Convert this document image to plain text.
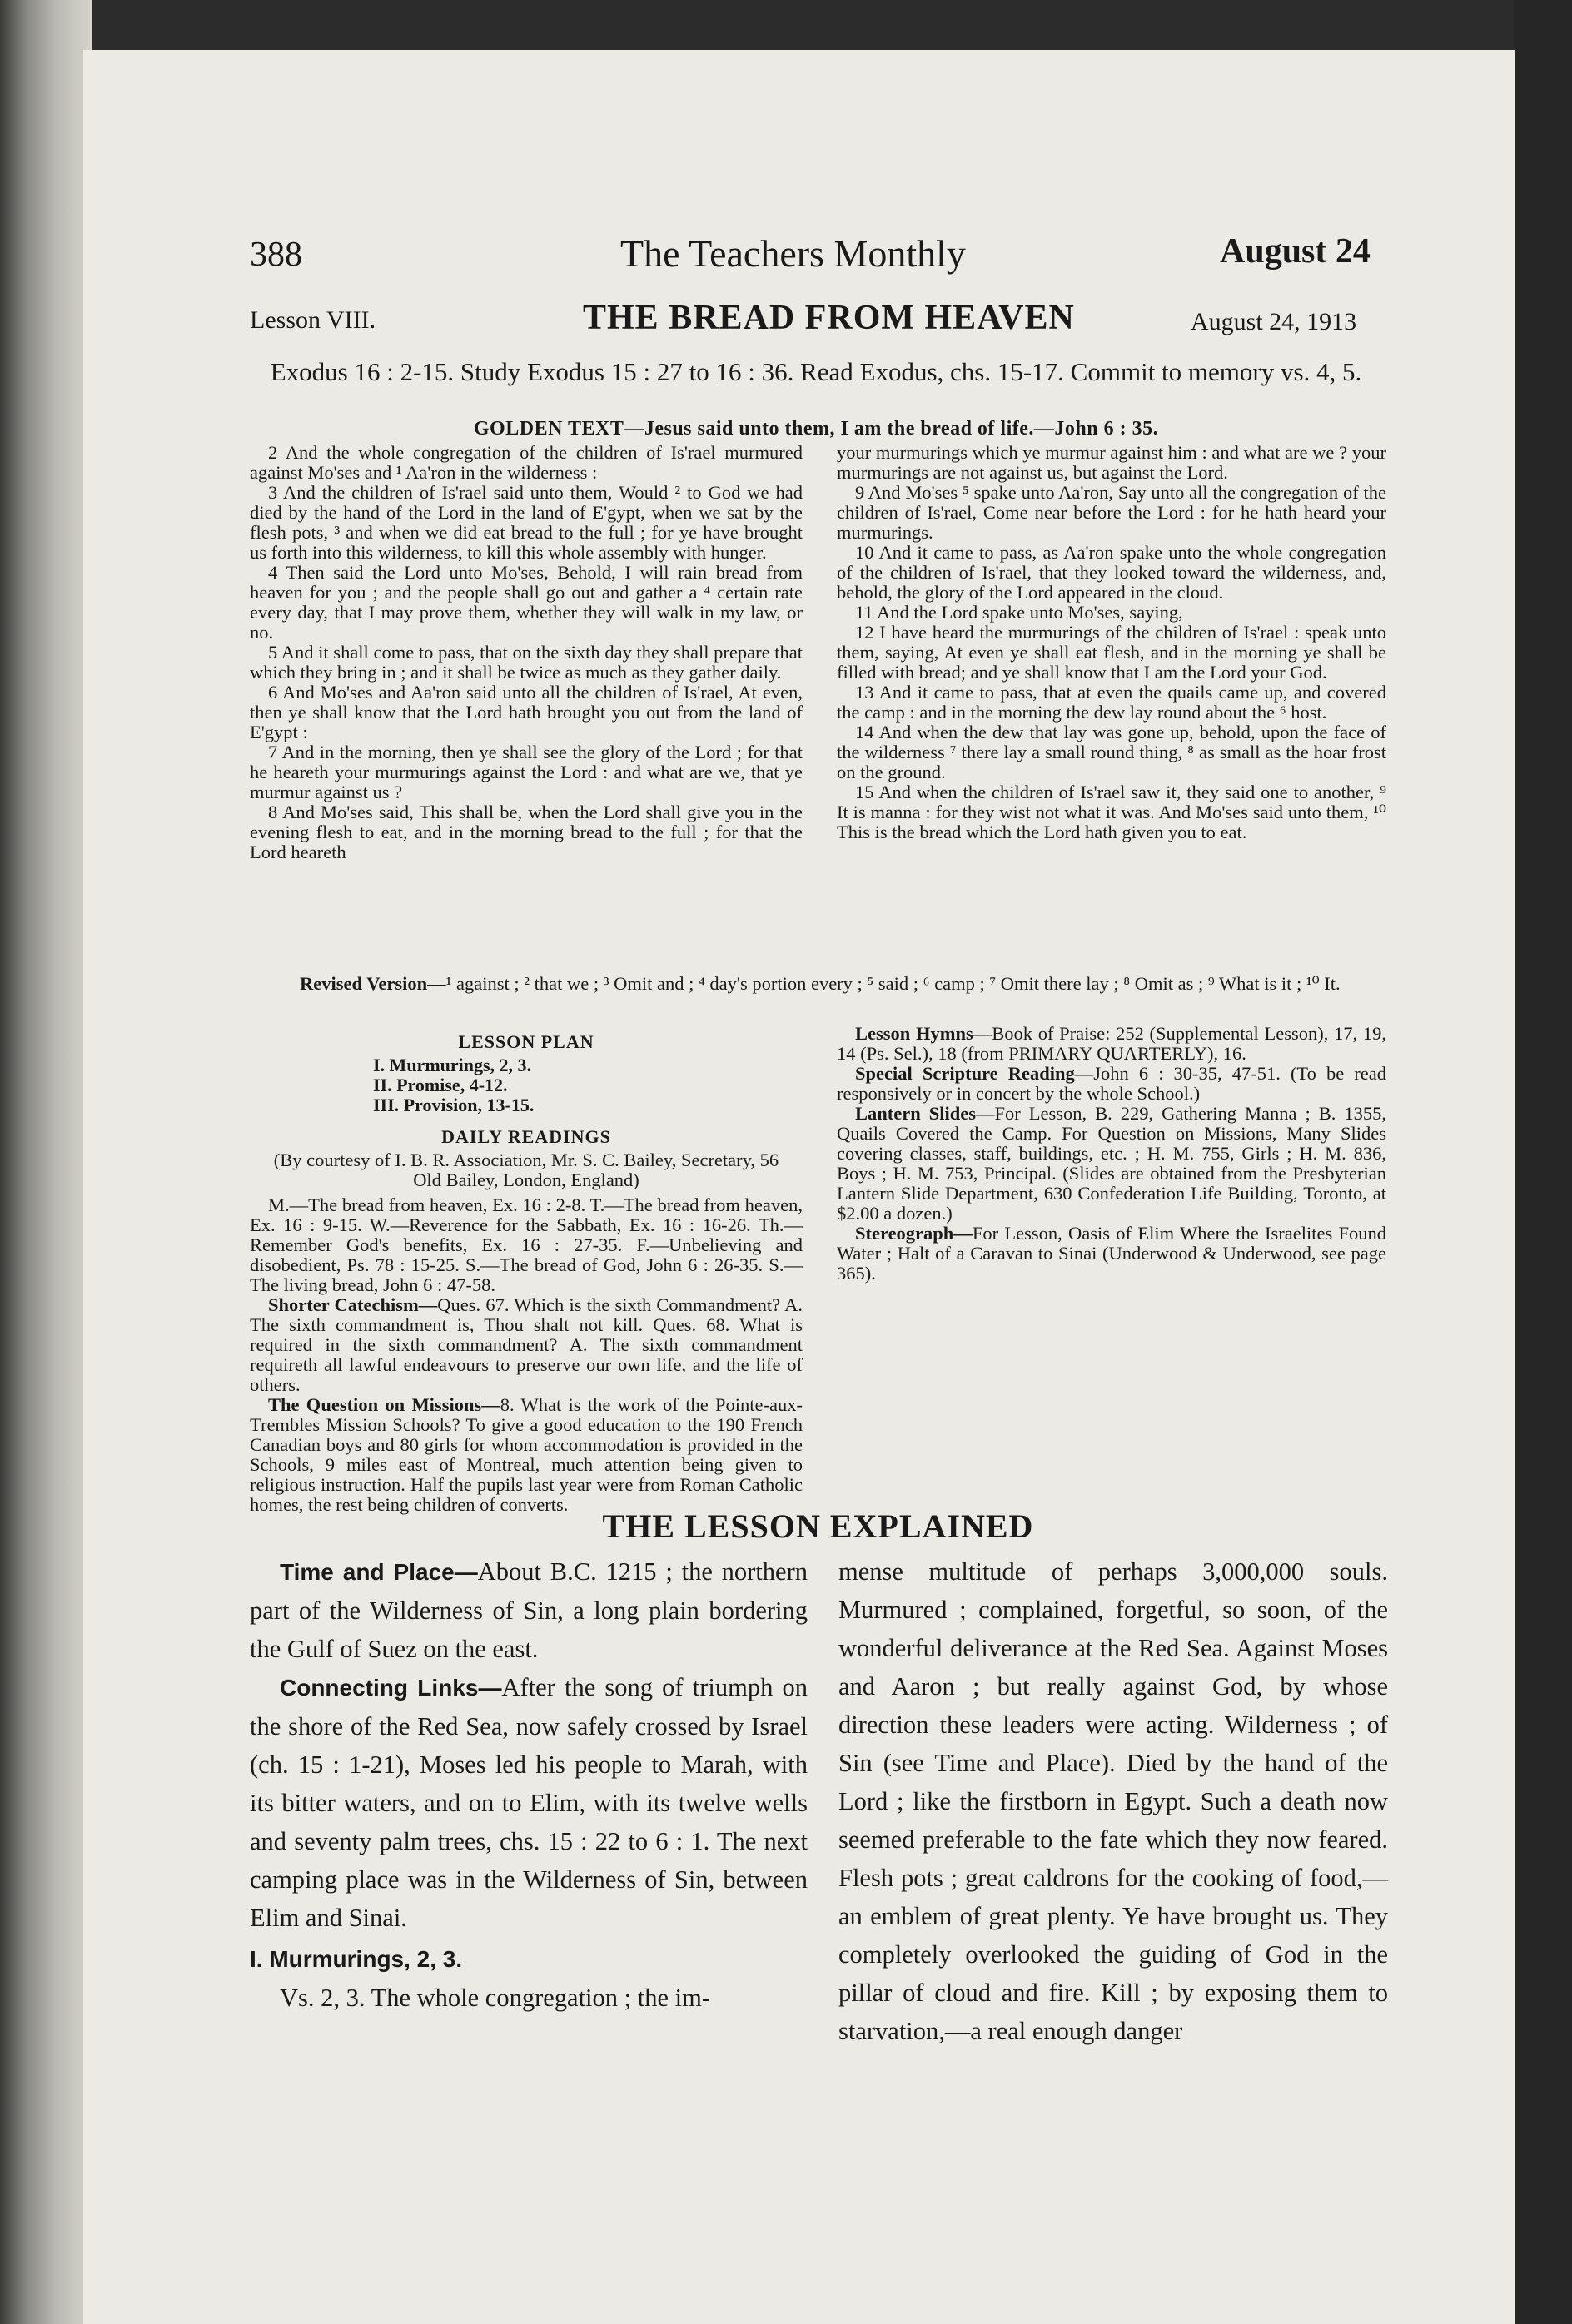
388	The Teachers Monthly	August 24
Lesson VIII.	THE BREAD FROM HEAVEN	August 24, 1913
Exodus 16 : 2-15. Study Exodus 15 : 27 to 16 : 36. Read Exodus, chs. 15-17. Commit to memory vs. 4, 5.
GOLDEN TEXT—Jesus said unto them, I am the bread of life.—John 6 : 35.

2 And the whole congregation of the children of Is'rael murmured against Mo'ses and ¹ Aa'ron in the wilderness :

3 And the children of Is'rael said unto them, Would ² to God we had died by the hand of the Lord in the land of E'gypt, when we sat by the flesh pots, ³ and when we did eat bread to the full ; for ye have brought us forth into this wilderness, to kill this whole assembly with hunger.

4 Then said the Lord unto Mo'ses, Behold, I will rain bread from heaven for you ; and the people shall go out and gather a ⁴ certain rate every day, that I may prove them, whether they will walk in my law, or no.

5 And it shall come to pass, that on the sixth day they shall prepare that which they bring in ; and it shall be twice as much as they gather daily.

6 And Mo'ses and Aa'ron said unto all the children of Is'rael, At even, then ye shall know that the Lord hath brought you out from the land of E'gypt :

7 And in the morning, then ye shall see the glory of the Lord ; for that he heareth your murmurings against the Lord : and what are we, that ye murmur against us ?

8 And Mo'ses said, This shall be, when the Lord shall give you in the evening flesh to eat, and in the morning bread to the full ; for that the Lord heareth

your murmurings which ye murmur against him : and what are we ? your murmurings are not against us, but against the Lord.

9 And Mo'ses ⁵ spake unto Aa'ron, Say unto all the congregation of the children of Is'rael, Come near before the Lord : for he hath heard your murmurings.

10 And it came to pass, as Aa'ron spake unto the whole congregation of the children of Is'rael, that they looked toward the wilderness, and, behold, the glory of the Lord appeared in the cloud.

11 And the Lord spake unto Mo'ses, saying,

12 I have heard the murmurings of the children of Is'rael : speak unto them, saying, At even ye shall eat flesh, and in the morning ye shall be filled with bread; and ye shall know that I am the Lord your God.

13 And it came to pass, that at even the quails came up, and covered the camp : and in the morning the dew lay round about the ⁶ host.

14 And when the dew that lay was gone up, behold, upon the face of the wilderness ⁷ there lay a small round thing, ⁸ as small as the hoar frost on the ground.

15 And when the children of Is'rael saw it, they said one to another, ⁹ It is manna : for they wist not what it was. And Mo'ses said unto them, ¹⁰ This is the bread which the Lord hath given you to eat.

Revised Version—¹ against ; ² that we ; ³ Omit and ; ⁴ day's portion every ; ⁵ said ; ⁶ camp ; ⁷ Omit there lay ; ⁸ Omit as ; ⁹ What is it ; ¹⁰ It.
LESSON PLAN
I. Murmurings, 2, 3.
II. Promise, 4-12.
III. Provision, 13-15.
DAILY READINGS

(By courtesy of I. B. R. Association, Mr. S. C. Bailey, Secretary, 56 Old Bailey, London, England)

M.—The bread from heaven, Ex. 16 : 2-8. T.—The bread from heaven, Ex. 16 : 9-15. W.—Reverence for the Sabbath, Ex. 16 : 16-26. Th.—Remember God's benefits, Ex. 16 : 27-35. F.—Unbelieving and disobedient, Ps. 78 : 15-25. S.—The bread of God, John 6 : 26-35. S.—The living bread, John 6 : 47-58.

Shorter Catechism—Ques. 67. Which is the sixth Commandment? A. The sixth commandment is, Thou shalt not kill. Ques. 68. What is required in the sixth commandment? A. The sixth commandment requireth all lawful endeavours to preserve our own life, and the life of others.

The Question on Missions—8. What is the work of the Pointe-aux-Trembles Mission Schools? To give a good education to the 190 French Canadian boys and 80 girls for whom accommodation is provided in the Schools, 9 miles east of Montreal, much attention being given to religious instruction. Half the pupils last year were from Roman Catholic homes, the rest being children of converts.

Lesson Hymns—Book of Praise: 252 (Supplemental Lesson), 17, 19, 14 (Ps. Sel.), 18 (from PRIMARY QUARTERLY), 16.

Special Scripture Reading—John 6 : 30-35, 47-51. (To be read responsively or in concert by the whole School.)

Lantern Slides—For Lesson, B. 229, Gathering Manna ; B. 1355, Quails Covered the Camp. For Question on Missions, Many Slides covering classes, staff, buildings, etc. ; H. M. 755, Girls ; H. M. 836, Boys ; H. M. 753, Principal. (Slides are obtained from the Presbyterian Lantern Slide Department, 630 Confederation Life Building, Toronto, at $2.00 a dozen.)

Stereograph—For Lesson, Oasis of Elim Where the Israelites Found Water ; Halt of a Caravan to Sinai (Underwood & Underwood, see page 365).

THE LESSON EXPLAINED

Time and Place—About B.C. 1215 ; the northern part of the Wilderness of Sin, a long plain bordering the Gulf of Suez on the east.

Connecting Links—After the song of triumph on the shore of the Red Sea, now safely crossed by Israel (ch. 15 : 1-21), Moses led his people to Marah, with its bitter waters, and on to Elim, with its twelve wells and seventy palm trees, chs. 15 : 22 to 6 : 1. The next camping place was in the Wilderness of Sin, between Elim and Sinai.

I. Murmurings, 2, 3.

Vs. 2, 3. The whole congregation ; the im-

mense multitude of perhaps 3,000,000 souls. Murmured ; complained, forgetful, so soon, of the wonderful deliverance at the Red Sea. Against Moses and Aaron ; but really against God, by whose direction these leaders were acting. Wilderness ; of Sin (see Time and Place). Died by the hand of the Lord ; like the firstborn in Egypt. Such a death now seemed preferable to the fate which they now feared. Flesh pots ; great caldrons for the cooking of food,—an emblem of great plenty. Ye have brought us. They completely overlooked the guiding of God in the pillar of cloud and fire. Kill ; by exposing them to starvation,—a real enough danger
